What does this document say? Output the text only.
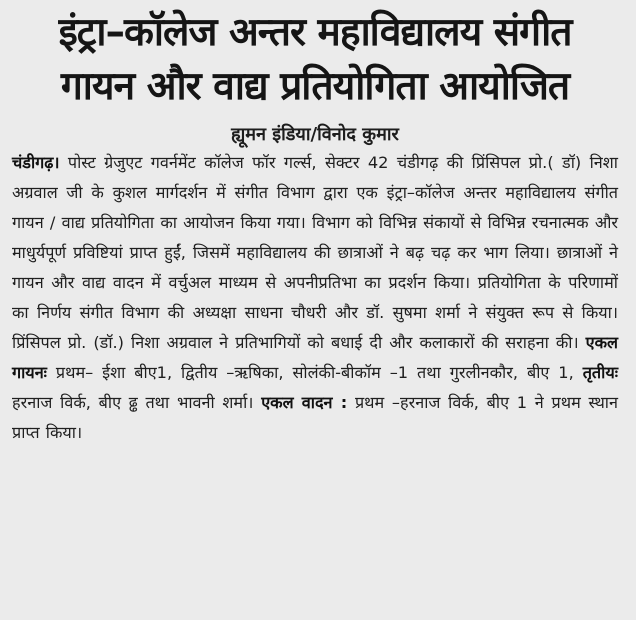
इंट्रा–कॉलेज अन्तर महाविद्यालय संगीत
गायन और वाद्य प्रतियोगिता आयोजित
ह्यूमन इंडिया/विनोद कुमार

चंडीगढ़। पोस्ट ग्रेजुएट गवर्नमेंट कॉलेज फॉर गर्ल्स, सेक्टर 42 चंडीगढ़ की प्रिंसिपल प्रो.( डॉ) निशा अग्रवाल जी के कुशल मार्गदर्शन में संगीत विभाग द्वारा एक इंट्रा–कॉलेज अन्तर महाविद्यालय संगीत गायन / वाद्य प्रतियोगिता का आयोजन किया गया। विभाग को विभिन्न संकायों से विभिन्न रचनात्मक और माधुर्यपूर्ण प्रविष्टियां प्राप्त हुईं, जिसमें महाविद्यालय की छात्राओं ने बढ़ चढ़ कर भाग लिया। छात्राओं ने गायन और वाद्य वादन में वर्चुअल माध्यम से अपनीप्रतिभा का प्रदर्शन किया। प्रतियोगिता के परिणामों का निर्णय संगीत विभाग की अध्यक्षा साधना चौधरी और डॉ. सुषमा शर्मा ने संयुक्त रूप से किया। प्रिंसिपल प्रो. (डॉ.) निशा अग्रवाल ने प्रतिभागियों को बधाई दी और कलाकारों की सराहना की। एकल गायनः प्रथम– ईशा बीए1, द्वितीय –ऋषिका, सोलंकी-बीकॉम –1 तथा गुरलीनकौर, बीए 1, तृतीयः हरनाज विर्क, बीए ढ्ढ तथा भावनी शर्मा। एकल वादन : प्रथम –हरनाज विर्क, बीए 1 ने प्रथम स्थान प्राप्त किया।
